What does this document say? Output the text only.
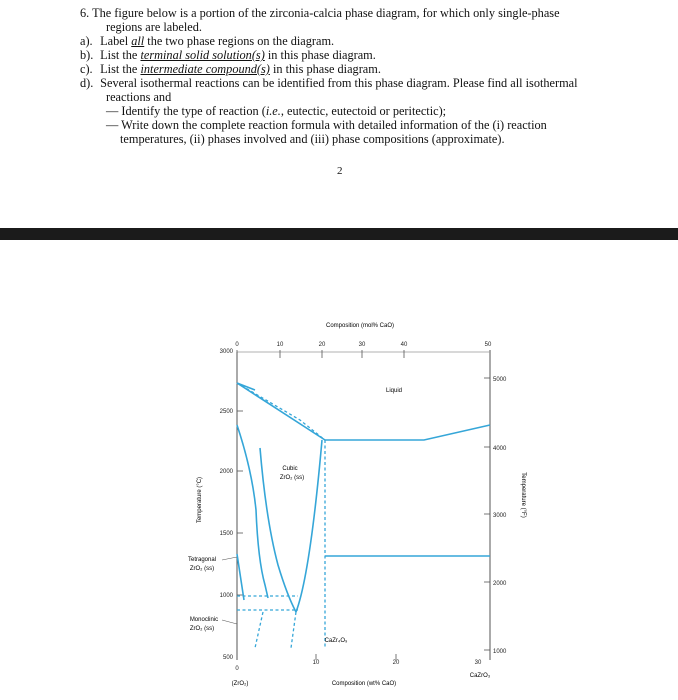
6. The figure below is a portion of the zirconia-calcia phase diagram, for which only single-phase

regions are labeled.

a). Label all the two phase regions on the diagram.

b). List the terminal solid solution(s) in this phase diagram.

c). List the intermediate compound(s) in this phase diagram.

d). Several isothermal reactions can be identified from this phase diagram. Please find all isothermal

reactions and

— Identify the type of reaction (i.e., eutectic, eutectoid or peritectic);

— Write down the complete reaction formula with detailed information of the (i) reaction

temperatures, (ii) phases involved and (iii) phase compositions (approximate).

2
Composition (mol% CaO)
0	10	20	30	40	50
3000
2500
2000
1500
1000
500
Temperature (°C)
5000
4000
3000
2000
1000
Temperature (°F)
0
10	20	30
Composition (wt% CaO)
(ZrO₂)
CaZrO₃
Liquid
Cubic
ZrO₂ (ss)
Tetragonal
ZrO₂ (ss)
Monoclinic
ZrO₂ (ss)
CaZr₄O₉
